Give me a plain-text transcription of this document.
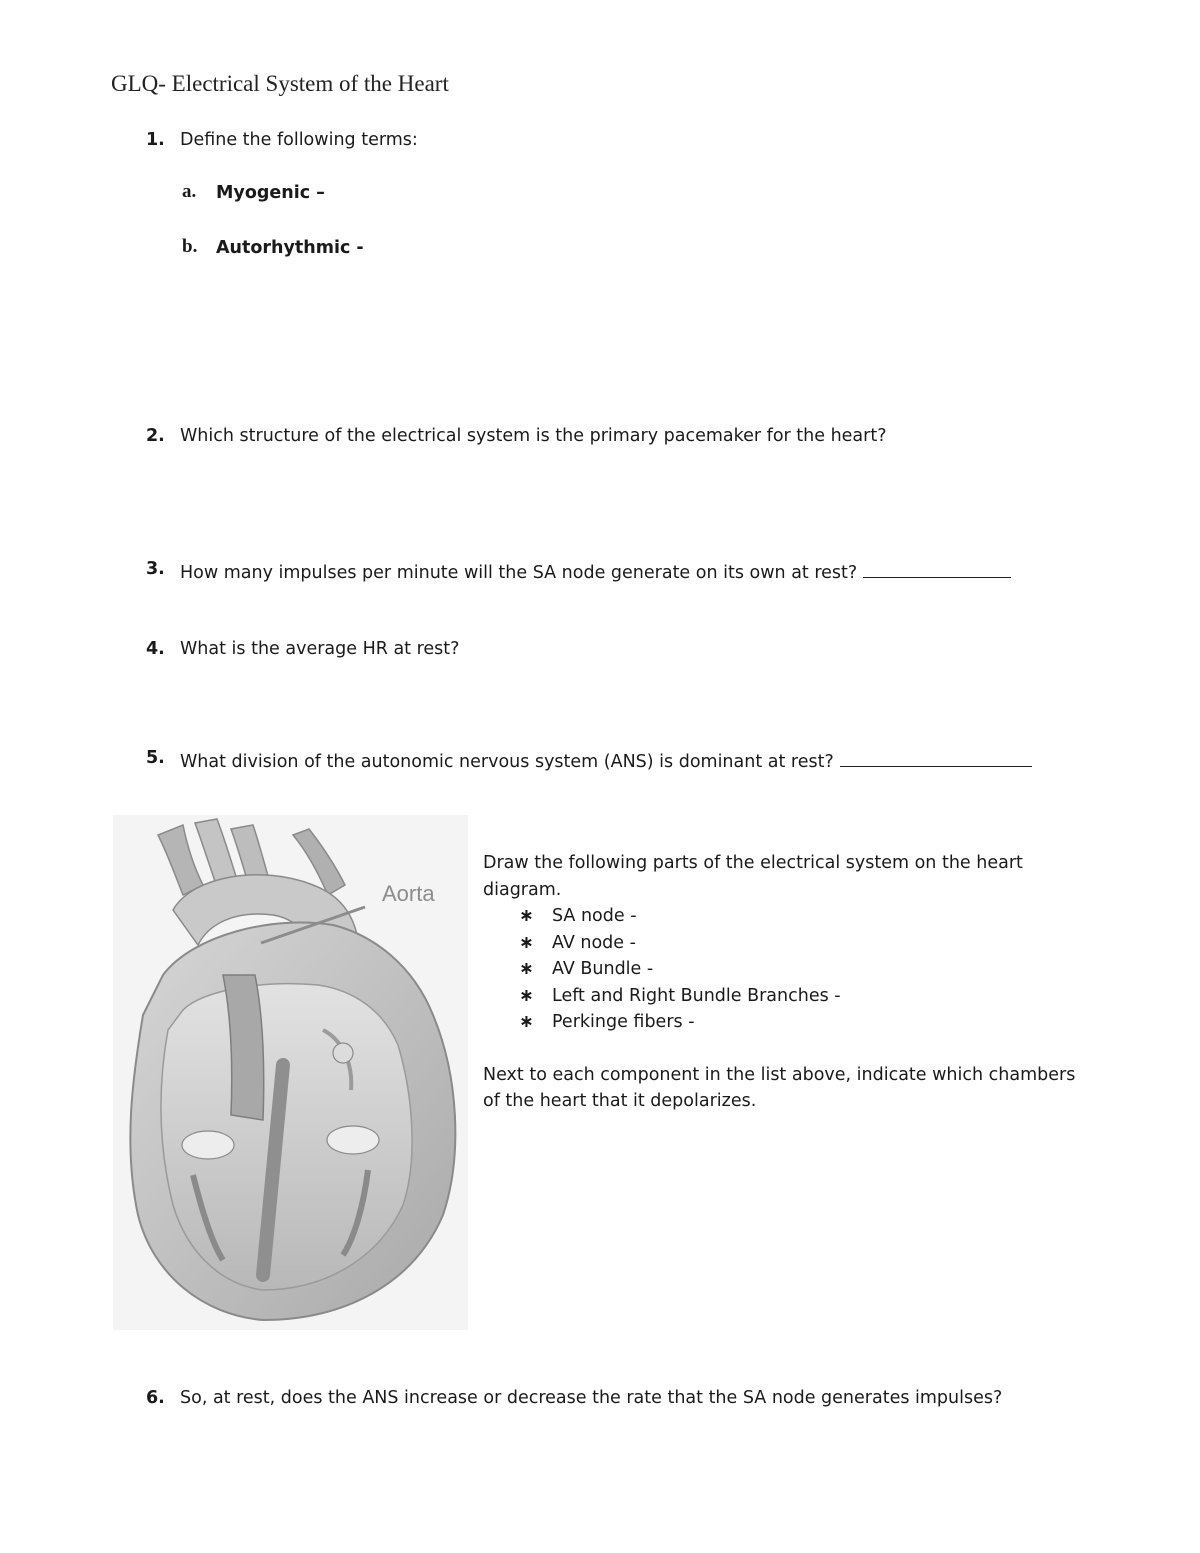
GLQ- Electrical System of the Heart
1. Define the following terms:
a. Myogenic –
b. Autorhythmic -
2. Which structure of the electrical system is the primary pacemaker for the heart?
3. How many impulses per minute will the SA node generate on its own at rest?
4. What is the average HR at rest?
5. What division of the autonomic nervous system (ANS) is dominant at rest?
Aorta

Draw the following parts of the electrical system on the heart diagram.

∗ SA node -
∗ AV node -
∗ AV Bundle -
∗ Left and Right Bundle Branches -
∗ Perkinge fibers -

Next to each component in the list above, indicate which chambers of the heart that it depolarizes.

6. So, at rest, does the ANS increase or decrease the rate that the SA node generates impulses?
